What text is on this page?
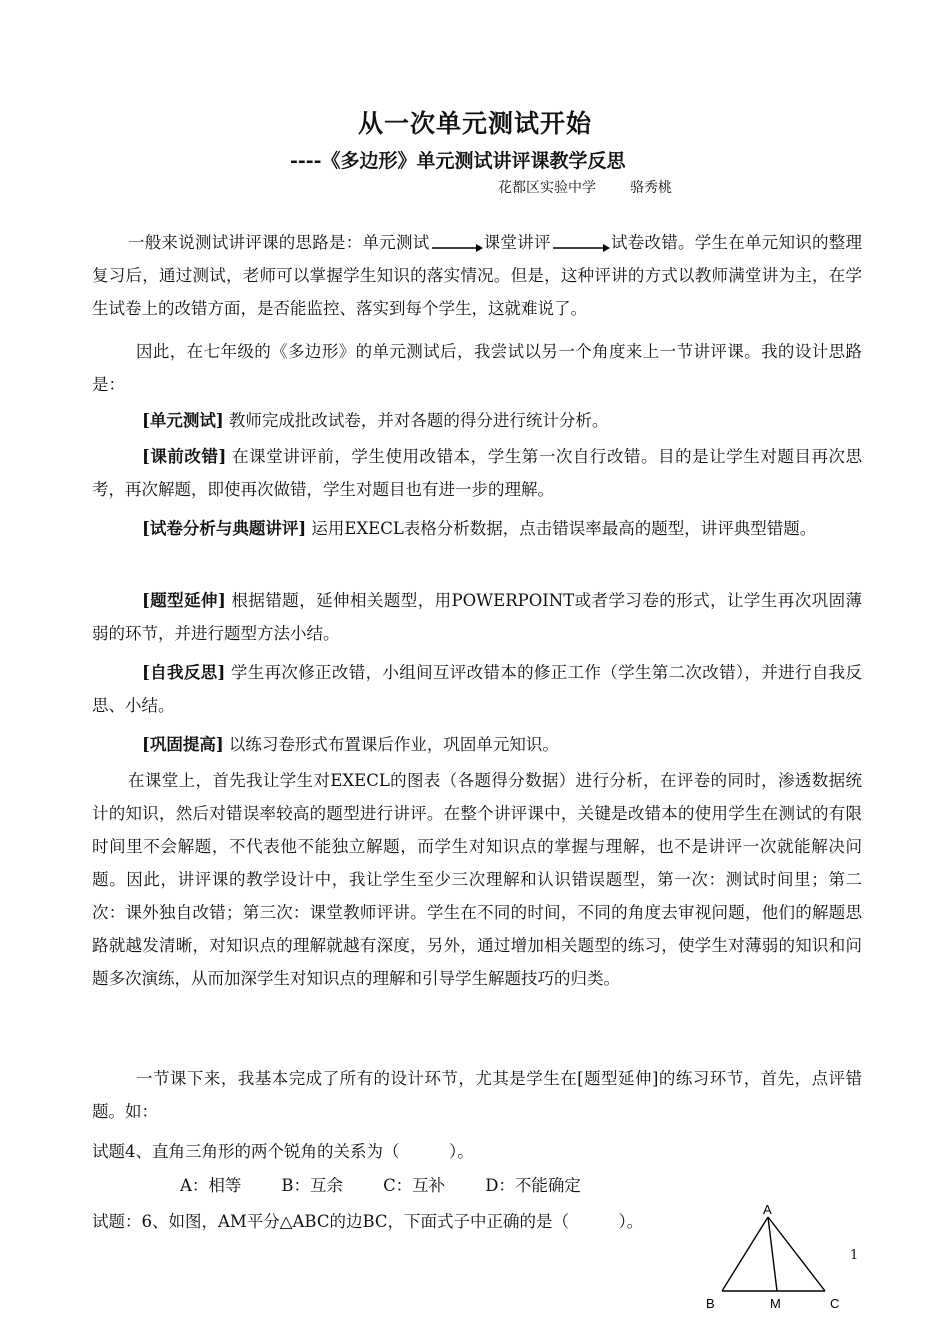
从一次单元测试开始
----《多边形》单元测试讲评课教学反思
花都区实验中学 骆秀桃
一般来说测试讲评课的思路是：单元测试	课堂讲评	试卷改错。学生在单元知识的整理复习后，通过测试，老师可以掌握学生知识的落实情况。但是，这种评讲的方式以教师满堂讲为主，在学生试卷上的改错方面，是否能监控、落实到每个学生，这就难说了。
因此，在七年级的《多边形》的单元测试后，我尝试以另一个角度来上一节讲评课。我的设计思路是：
[单元测试] 教师完成批改试卷，并对各题的得分进行统计分析。
[课前改错] 在课堂讲评前，学生使用改错本，学生第一次自行改错。目的是让学生对题目再次思考，再次解题，即使再次做错，学生对题目也有进一步的理解。
[试卷分析与典题讲评] 运用EXECL表格分析数据，点击错误率最高的题型，讲评典型错题。
[题型延伸] 根据错题，延伸相关题型，用POWERPOINT或者学习卷的形式，让学生再次巩固薄弱的环节，并进行题型方法小结。
[自我反思] 学生再次修正改错，小组间互评改错本的修正工作（学生第二次改错），并进行自我反思、小结。
[巩固提高] 以练习卷形式布置课后作业，巩固单元知识。
在课堂上，首先我让学生对EXECL的图表（各题得分数据）进行分析，在评卷的同时，渗透数据统计的知识，然后对错误率较高的题型进行讲评。在整个讲评课中，关键是改错本的使用学生在测试的有限时间里不会解题，不代表他不能独立解题，而学生对知识点的掌握与理解，也不是讲评一次就能解决问题。因此，讲评课的教学设计中，我让学生至少三次理解和认识错误题型，第一次：测试时间里；第二次：课外独自改错；第三次：课堂教师评讲。学生在不同的时间，不同的角度去审视问题，他们的解题思路就越发清晰，对知识点的理解就越有深度，另外，通过增加相关题型的练习，使学生对薄弱的知识和问题多次演练，从而加深学生对知识点的理解和引导学生解题技巧的归类。
一节课下来，我基本完成了所有的设计环节，尤其是学生在[题型延伸]的练习环节，首先，点评错题。如：
试题4、直角三角形的两个锐角的关系为（　　　）。
A：相等 B：互余 C：互补 D：不能确定
试题：6、如图，AM平分△ABC的边BC，下面式子中正确的是（　　　）。
A
B	M	C
1
